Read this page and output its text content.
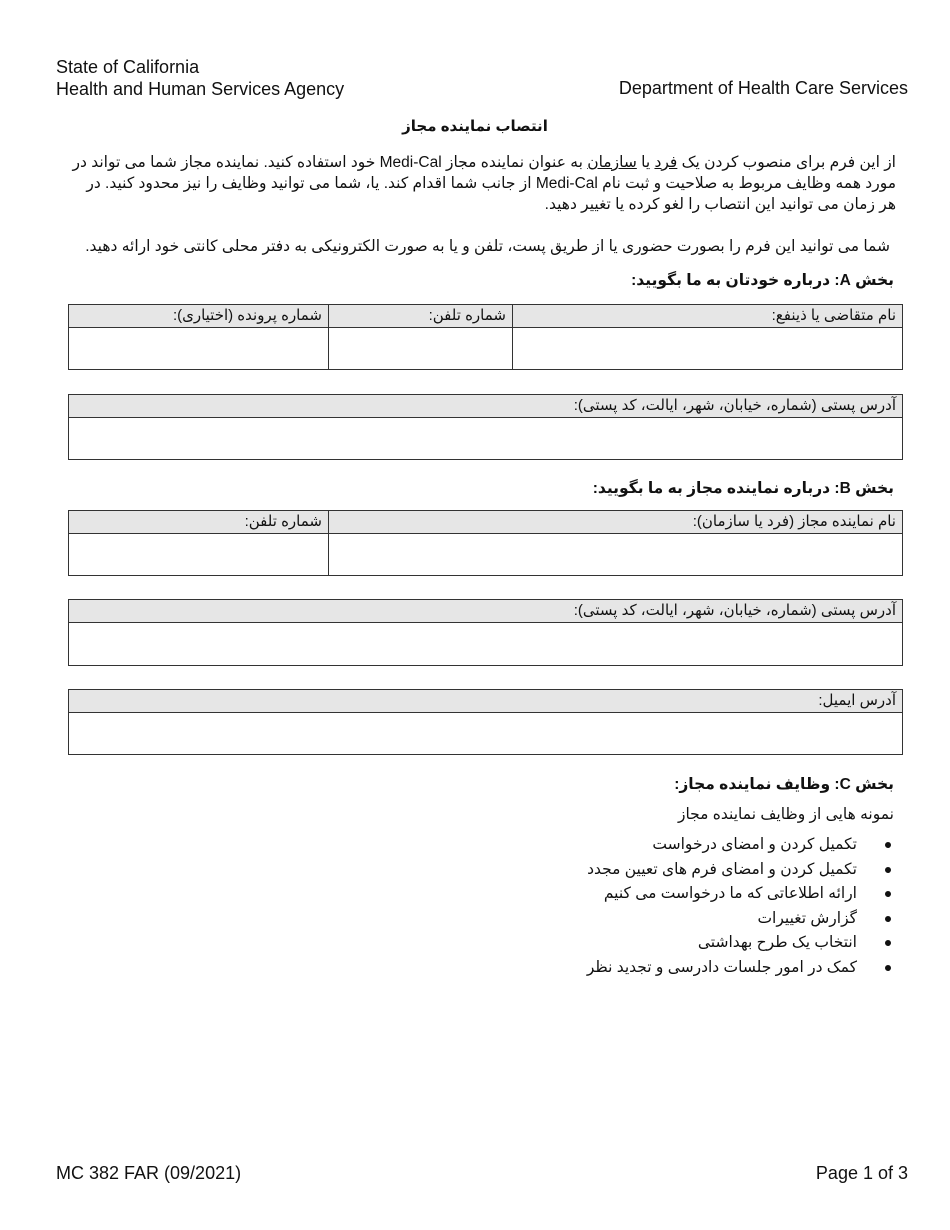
State of California
Health and Human Services Agency	Department of Health Care Services
انتصاب نماینده مجاز
از این فرم برای منصوب کردن یک فرد یا سازمان به عنوان نماینده مجاز Medi-Cal خود استفاده کنید. نماینده مجاز شما می تواند در مورد همه وظایف مربوط به صلاحیت و ثبت نام Medi-Cal از جانب شما اقدام کند. یا، شما می توانید وظایف را نیز محدود کنید. در هر زمان می توانید این انتصاب را لغو کرده یا تغییر دهید.
شما می توانید این فرم را بصورت حضوری یا از طریق پست، تلفن و یا به صورت الکترونیکی به دفتر محلی کانتی خود ارائه دهید.
بخش A: درباره خودتان به ما بگویید:
نام متقاضی یا ذینفع:
شماره تلفن:
شماره پرونده (اختیاری):
آدرس پستی (شماره، خیابان، شهر، ایالت، کد پستی):
بخش B: درباره نماینده مجاز به ما بگویید:
نام نماینده مجاز (فرد یا سازمان):
شماره تلفن:
آدرس پستی (شماره، خیابان، شهر، ایالت، کد پستی):
آدرس ایمیل:
بخش C: وظایف نماینده مجاز:
نمونه هایی از وظایف نماینده مجاز
تکمیل کردن و امضای درخواست
تکمیل کردن و امضای فرم های تعیین مجدد
ارائه اطلاعاتی که ما درخواست می کنیم
گزارش تغییرات
انتخاب یک طرح بهداشتی
کمک در امور جلسات دادرسی و تجدید نظر
MC 382 FAR (09/2021)	Page 1 of 3
